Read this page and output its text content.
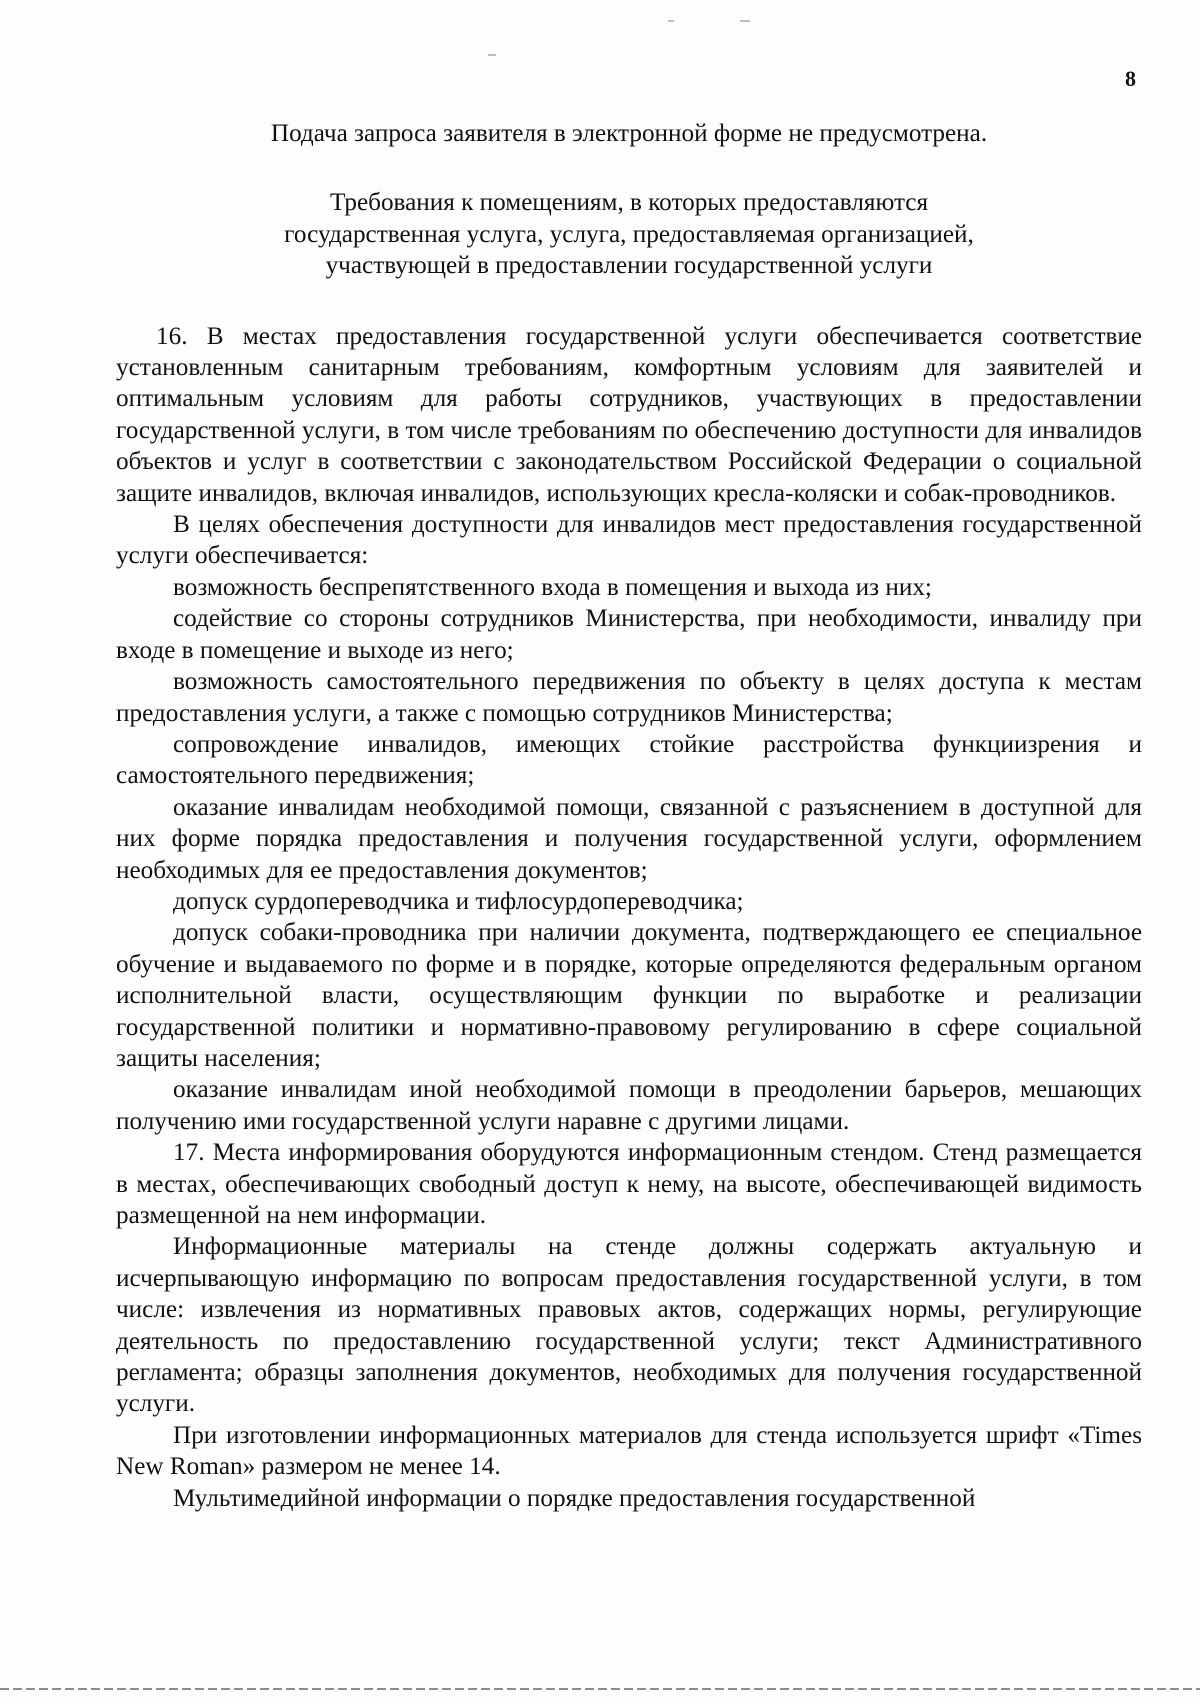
8

Подача запроса заявителя в электронной форме не предусмотрена.

Требования к помещениям, в которых предоставляются
государственная услуга, услуга, предоставляемая организацией,
участвующей в предоставлении государственной услуги

16. В местах предоставления государственной услуги обеспечивается соответствие установленным санитарным требованиям, комфортным условиям для заявителей и оптимальным условиям для работы сотрудников, участвующих в предоставлении государственной услуги, в том числе требованиям по обеспечению доступности для инвалидов объектов и услуг в соответствии с законодательством Российской Федерации о социальной защите инвалидов, включая инвалидов, использующих кресла-коляски и собак-проводников.

В целях обеспечения доступности для инвалидов мест предоставления государственной услуги обеспечивается:

возможность беспрепятственного входа в помещения и выхода из них;

содействие со стороны сотрудников Министерства, при необходимости, инвалиду при входе в помещение и выходе из него;

возможность самостоятельного передвижения по объекту в целях доступа к местам предоставления услуги, а также с помощью сотрудников Министерства;

сопровождение инвалидов, имеющих стойкие расстройства функциизрения и самостоятельного передвижения;

оказание инвалидам необходимой помощи, связанной с разъяснением в доступной для них форме порядка предоставления и получения государственной услуги, оформлением необходимых для ее предоставления документов;

допуск сурдопереводчика и тифлосурдопереводчика;

допуск собаки-проводника при наличии документа, подтверждающего ее специальное обучение и выдаваемого по форме и в порядке, которые определяются федеральным органом исполнительной власти, осуществляющим функции по выработке и реализации государственной политики и нормативно-правовому регулированию в сфере социальной защиты населения;

оказание инвалидам иной необходимой помощи в преодолении барьеров, мешающих получению ими государственной услуги наравне с другими лицами.

17. Места информирования оборудуются информационным стендом. Стенд размещается в местах, обеспечивающих свободный доступ к нему, на высоте, обеспечивающей видимость размещенной на нем информации.

Информационные материалы на стенде должны содержать актуальную и исчерпывающую информацию по вопросам предоставления государственной услуги, в том числе: извлечения из нормативных правовых актов, содержащих нормы, регулирующие деятельность по предоставлению государственной услуги; текст Административного регламента; образцы заполнения документов, необходимых для получения государственной услуги.

При изготовлении информационных материалов для стенда используется шрифт «Times New Roman» размером не менее 14.

Мультимедийной информации о порядке предоставления государственной
